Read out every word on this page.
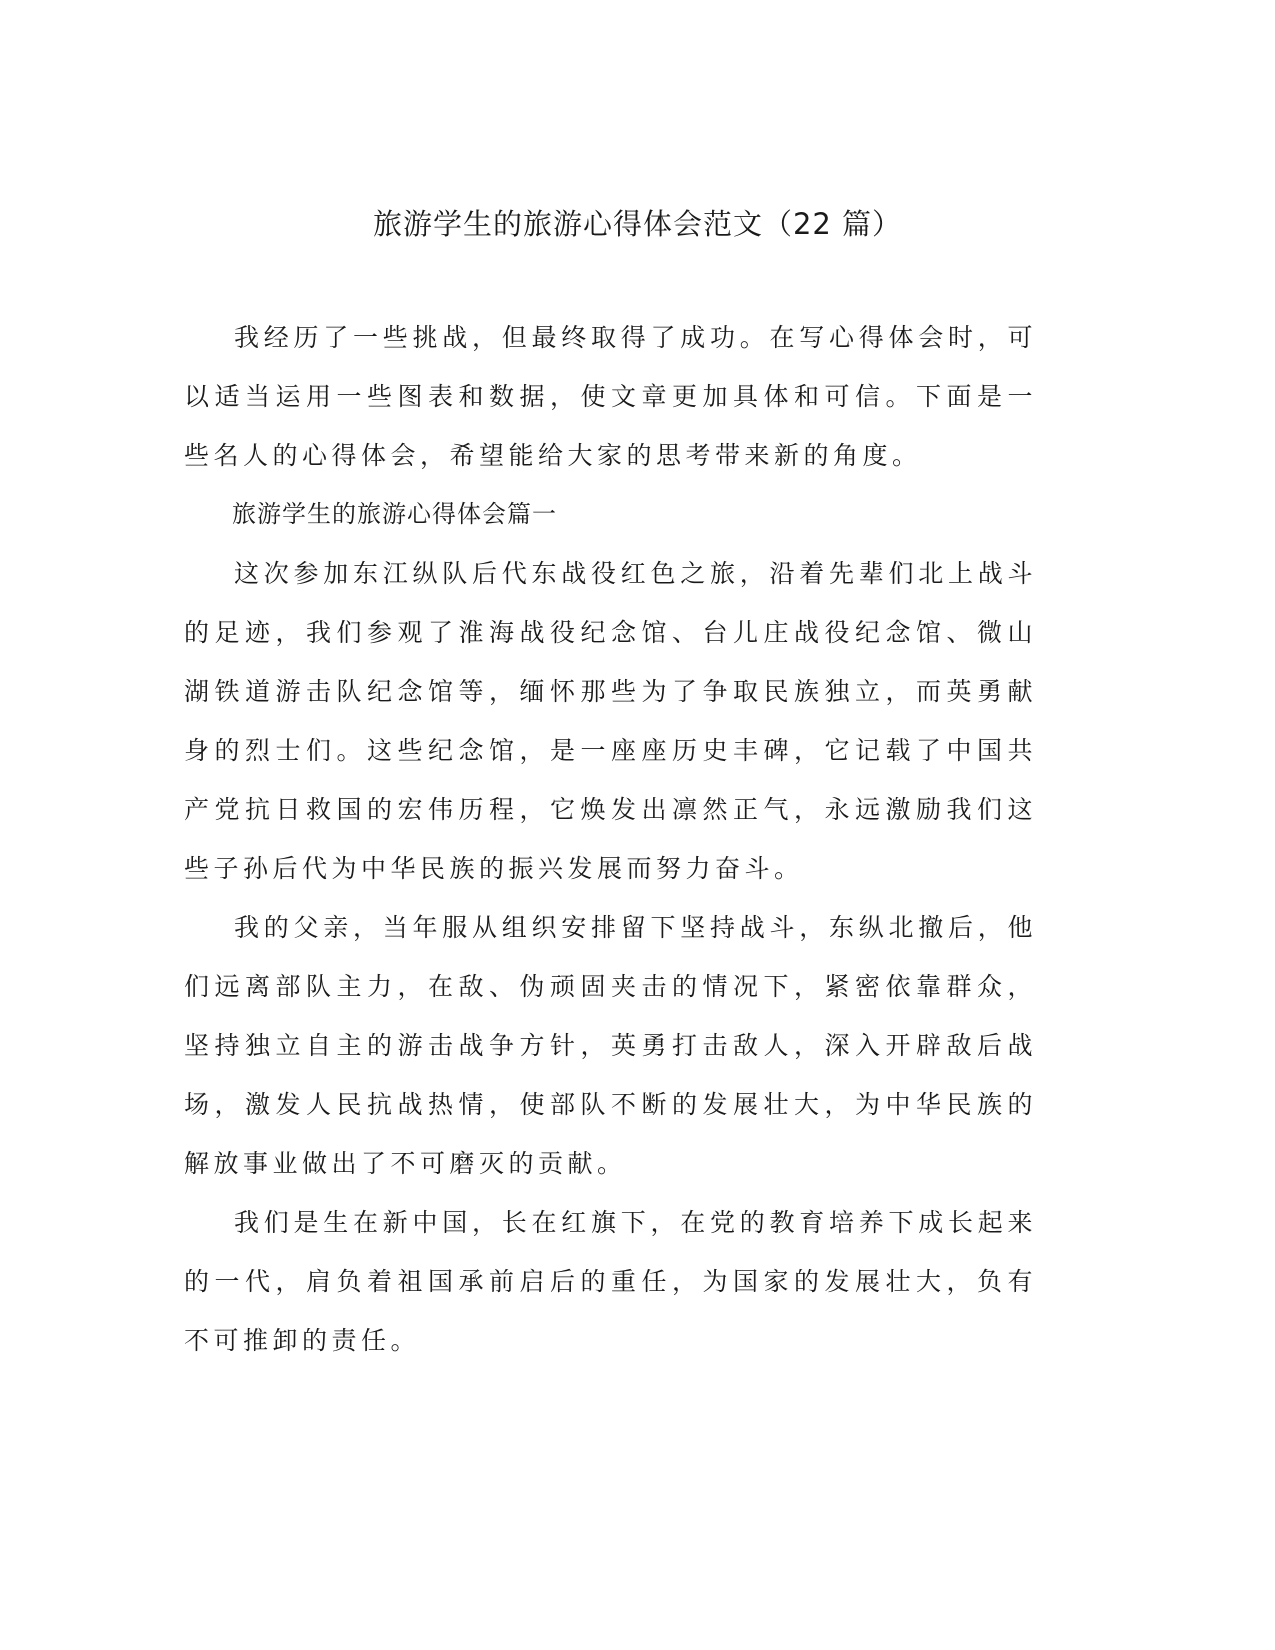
旅游学生的旅游心得体会范文（22 篇）

我经历了一些挑战，但最终取得了成功。在写心得体会时，可以适当运用一些图表和数据，使文章更加具体和可信。下面是一些名人的心得体会，希望能给大家的思考带来新的角度。

旅游学生的旅游心得体会篇一

这次参加东江纵队后代东战役红色之旅，沿着先辈们北上战斗的足迹，我们参观了淮海战役纪念馆、台儿庄战役纪念馆、微山湖铁道游击队纪念馆等，缅怀那些为了争取民族独立，而英勇献身的烈士们。这些纪念馆，是一座座历史丰碑，它记载了中国共产党抗日救国的宏伟历程，它焕发出凛然正气，永远激励我们这些子孙后代为中华民族的振兴发展而努力奋斗。

我的父亲，当年服从组织安排留下坚持战斗，东纵北撤后，他们远离部队主力，在敌、伪顽固夹击的情况下，紧密依靠群众，坚持独立自主的游击战争方针，英勇打击敌人，深入开辟敌后战场，激发人民抗战热情，使部队不断的发展壮大，为中华民族的解放事业做出了不可磨灭的贡献。

我们是生在新中国，长在红旗下，在党的教育培养下成长起来的一代，肩负着祖国承前启后的重任，为国家的发展壮大，负有不可推卸的责任。
